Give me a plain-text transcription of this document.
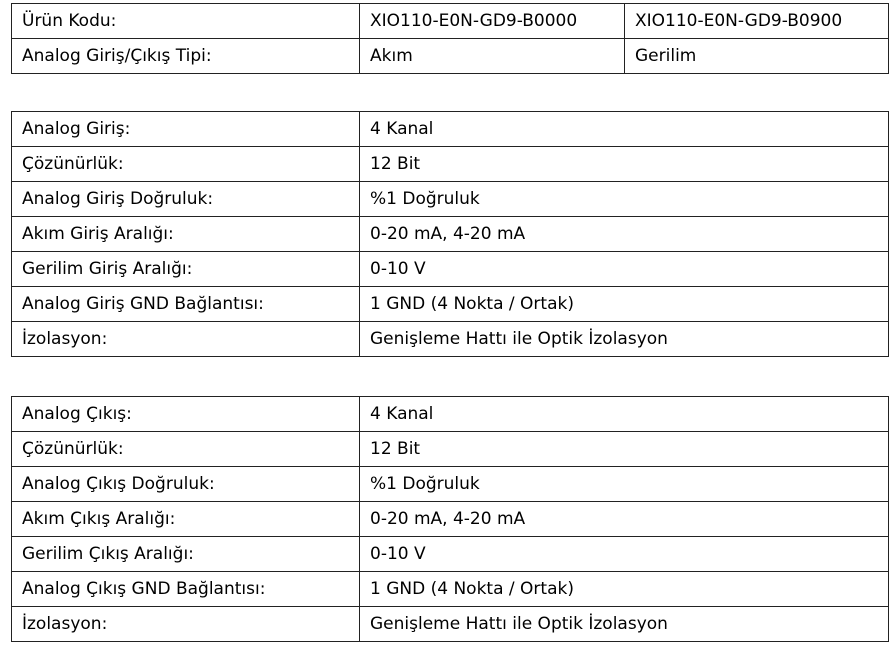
Ürün Kodu:	XIO110-E0N-GD9-B0000	XIO110-E0N-GD9-B0900
Analog Giriş/Çıkış Tipi:	Akım	Gerilim
Analog Giriş:	4 Kanal
Çözünürlük:	12 Bit
Analog Giriş Doğruluk:	%1 Doğruluk
Akım Giriş Aralığı:	0-20 mA, 4-20 mA
Gerilim Giriş Aralığı:	0-10 V
Analog Giriş GND Bağlantısı:	1 GND (4 Nokta / Ortak)
İzolasyon:	Genişleme Hattı ile Optik İzolasyon
Analog Çıkış:	4 Kanal
Çözünürlük:	12 Bit
Analog Çıkış Doğruluk:	%1 Doğruluk
Akım Çıkış Aralığı:	0-20 mA, 4-20 mA
Gerilim Çıkış Aralığı:	0-10 V
Analog Çıkış GND Bağlantısı:	1 GND (4 Nokta / Ortak)
İzolasyon:	Genişleme Hattı ile Optik İzolasyon
